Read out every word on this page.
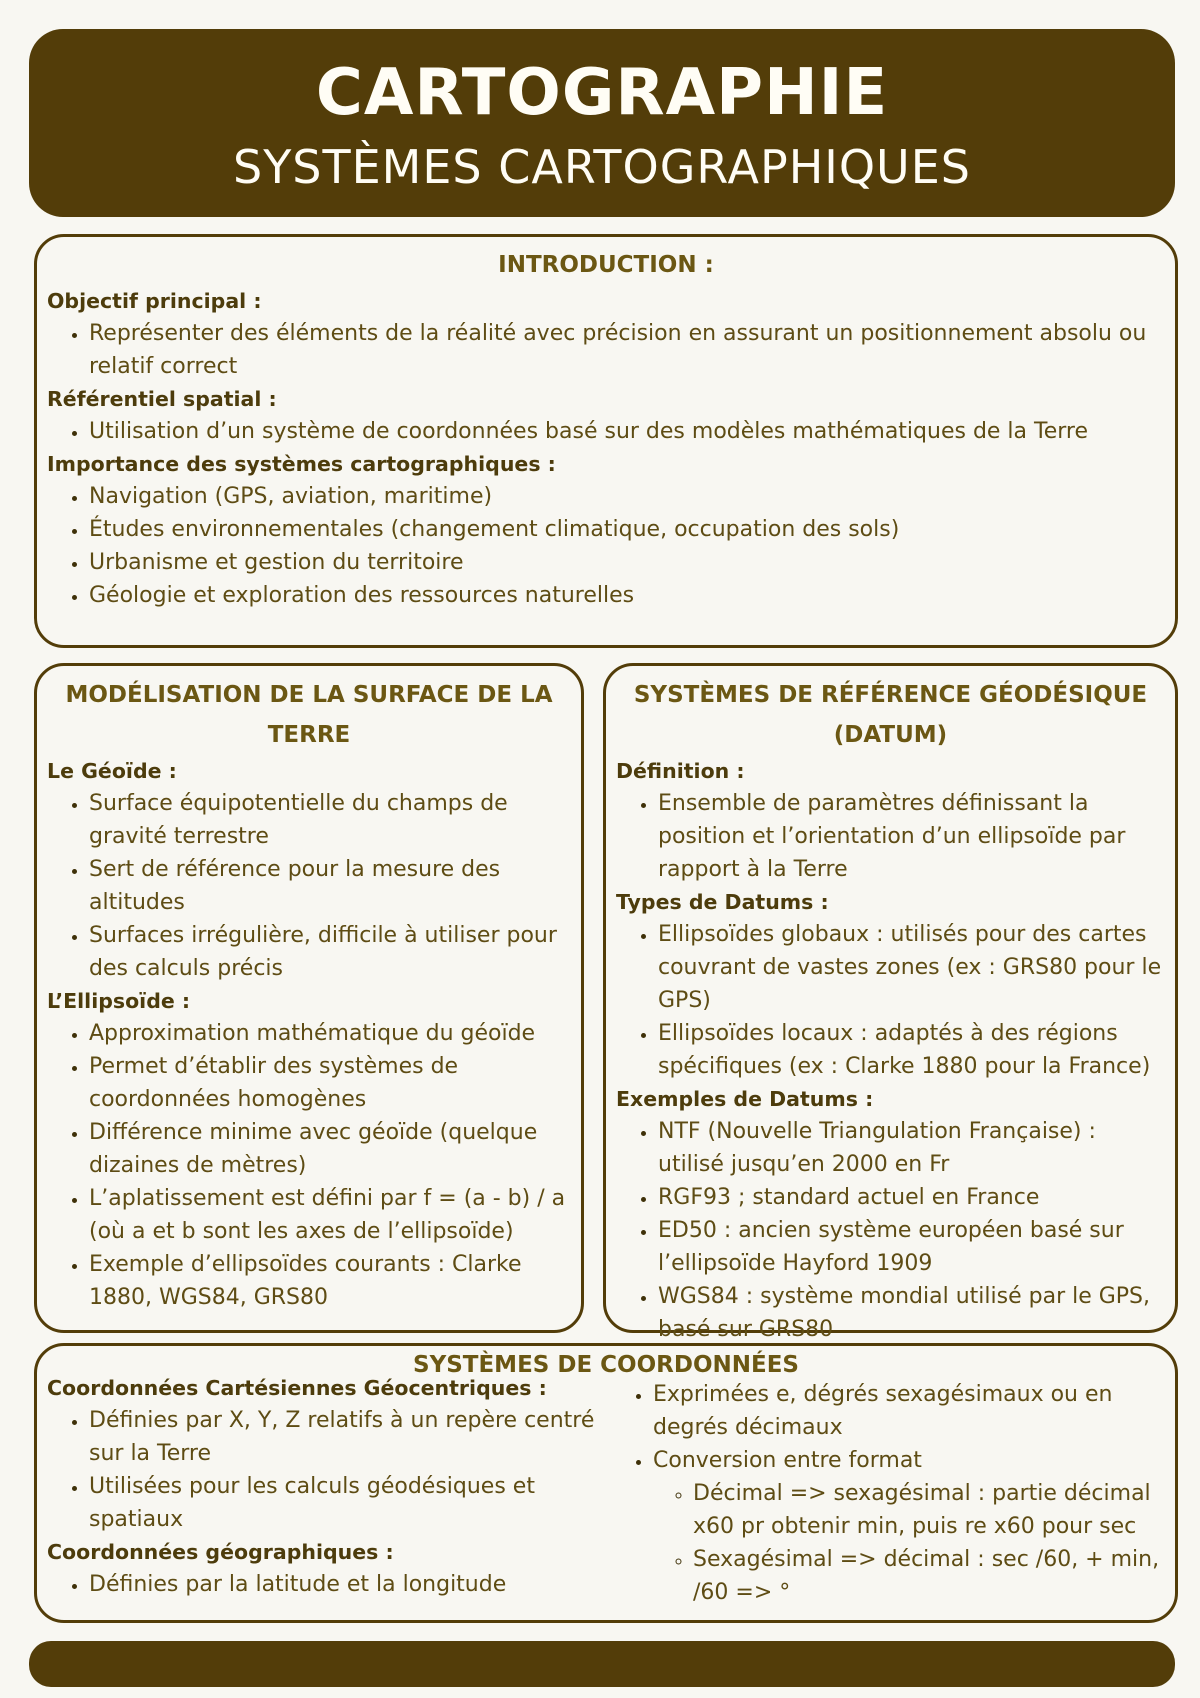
CARTOGRAPHIE
SYSTÈMES CARTOGRAPHIQUES
INTRODUCTION :

Objectif principal :

• Représenter des éléments de la réalité avec précision en assurant un positionnement absolu ou relatif correct

Référentiel spatial :

• Utilisation d’un système de coordonnées basé sur des modèles mathématiques de la Terre

Importance des systèmes cartographiques :

• Navigation (GPS, aviation, maritime)
• Études environnementales (changement climatique, occupation des sols)
• Urbanisme et gestion du territoire
• Géologie et exploration des ressources naturelles
MODÉLISATION DE LA SURFACE DE LA TERRE

Le Géoïde :

• Surface équipotentielle du champs de gravité terrestre
• Sert de référence pour la mesure des altitudes
• Surfaces irrégulière, difficile à utiliser pour des calculs précis

L’Ellipsoïde :

• Approximation mathématique du géoïde
• Permet d’établir des systèmes de coordonnées homogènes
• Différence minime avec géoïde (quelque dizaines de mètres)
• L’aplatissement est défini par f = (a - b) / a (où a et b sont les axes de l’ellipsoïde)
• Exemple d’ellipsoïdes courants : Clarke 1880, WGS84, GRS80
SYSTÈMES DE RÉFÉRENCE GÉODÉSIQUE (DATUM)

Définition :

• Ensemble de paramètres définissant la position et l’orientation d’un ellipsoïde par rapport à la Terre

Types de Datums :

• Ellipsoïdes globaux : utilisés pour des cartes couvrant de vastes zones (ex : GRS80 pour le GPS)
• Ellipsoïdes locaux : adaptés à des régions spécifiques (ex : Clarke 1880 pour la France)

Exemples de Datums :

• NTF (Nouvelle Triangulation Française) : utilisé jusqu’en 2000 en Fr
• RGF93 ; standard actuel en France
• ED50 : ancien système européen basé sur l’ellipsoïde Hayford 1909
• WGS84 : système mondial utilisé par le GPS, basé sur GRS80
SYSTÈMES DE COORDONNÉES

Coordonnées Cartésiennes Géocentriques :

• Définies par X, Y, Z relatifs à un repère centré sur la Terre
• Utilisées pour les calculs géodésiques et spatiaux

Coordonnées géographiques :

• Définies par la latitude et la longitude
• Exprimées e, dégrés sexagésimaux ou en degrés décimaux
• Conversion entre format
◦ Décimal => sexagésimal : partie décimal x60 pr obtenir min, puis re x60 pour sec
◦ Sexagésimal => décimal : sec /60, + min, /60 => °
